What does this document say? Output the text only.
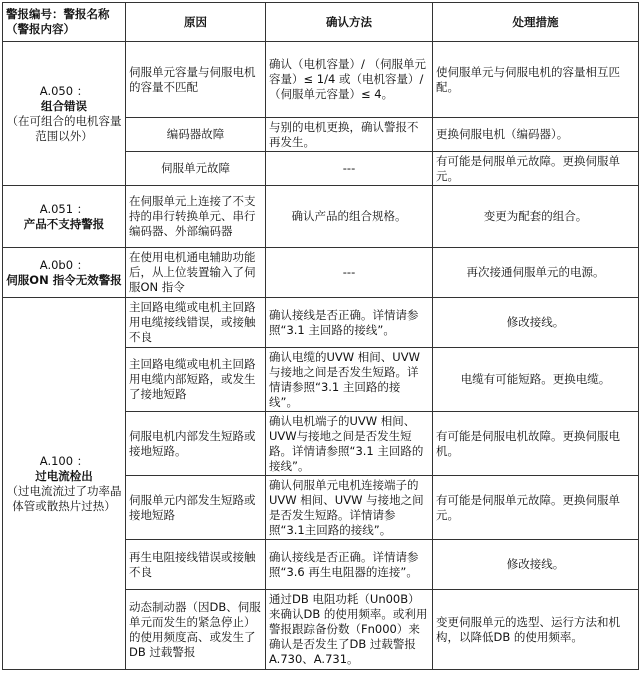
警报编号：警报名称（警报内容）	原因	确认方法	处理措施

A.050 ：
组合错误
（在可组合的电机容量范围以外）	伺服单元容量与伺服电机的容量不匹配	确认（电机容量）/ （伺服单元容量）≤ 1/4 或（电机容量）/ （伺服单元容量）≤ 4。	使伺服单元与伺服电机的容量相互匹配。
	编码器故障	与别的电机更换，确认警报不再发生。	更换伺服电机（编码器）。
	伺服单元故障	---	有可能是伺服单元故障。更换伺服单元。

A.051 ：
产品不支持警报	在伺服单元上连接了不支持的串行转换单元、串行编码器、外部编码器	确认产品的组合规格。	变更为配套的组合。

A.0b0 ：
伺服ON 指令无效警报	在使用电机通电辅助功能后，从上位装置输入了伺服ON 指令	---	再次接通伺服单元的电源。

A.100 ：
过电流检出
（过电流流过了功率晶体管或散热片过热）	主回路电缆或电机主回路用电缆接线错误，或接触不良	确认接线是否正确。详情请参照“3.1 主回路的接线”。	修改接线。
	主回路电缆或电机主回路用电缆内部短路，或发生了接地短路	确认电缆的UVW 相间、UVW 与接地之间是否发生短路。详情请参照“3.1 主回路的接线”。	电缆有可能短路。更换电缆。
	伺服电机内部发生短路或接地短路。	确认电机端子的UVW 相间、UVW与接地之间是否发生短路。详情请参照“3.1 主回路的接线”。	有可能是伺服电机故障。更换伺服电机。
	伺服单元内部发生短路或接地短路	确认伺服单元电机连接端子的UVW 相间、UVW 与接地之间是否发生短路。详情请参照“3.1主回路的接线”。	有可能是伺服单元故障。更换伺服单元。
	再生电阻接线错误或接触不良	确认接线是否正确。详情请参照“3.6 再生电阻器的连接”。	修改接线。
	动态制动器（因DB、伺服单元而发生的紧急停止）的使用频度高、或发生了DB 过载警报	通过DB 电阻功耗（Un00B）来确认DB 的使用频率。或利用警报跟踪备份数（Fn000）来确认是否发生了DB 过载警报A.730、A.731。	变更伺服单元的选型、运行方法和机构，以降低DB 的使用频率。
